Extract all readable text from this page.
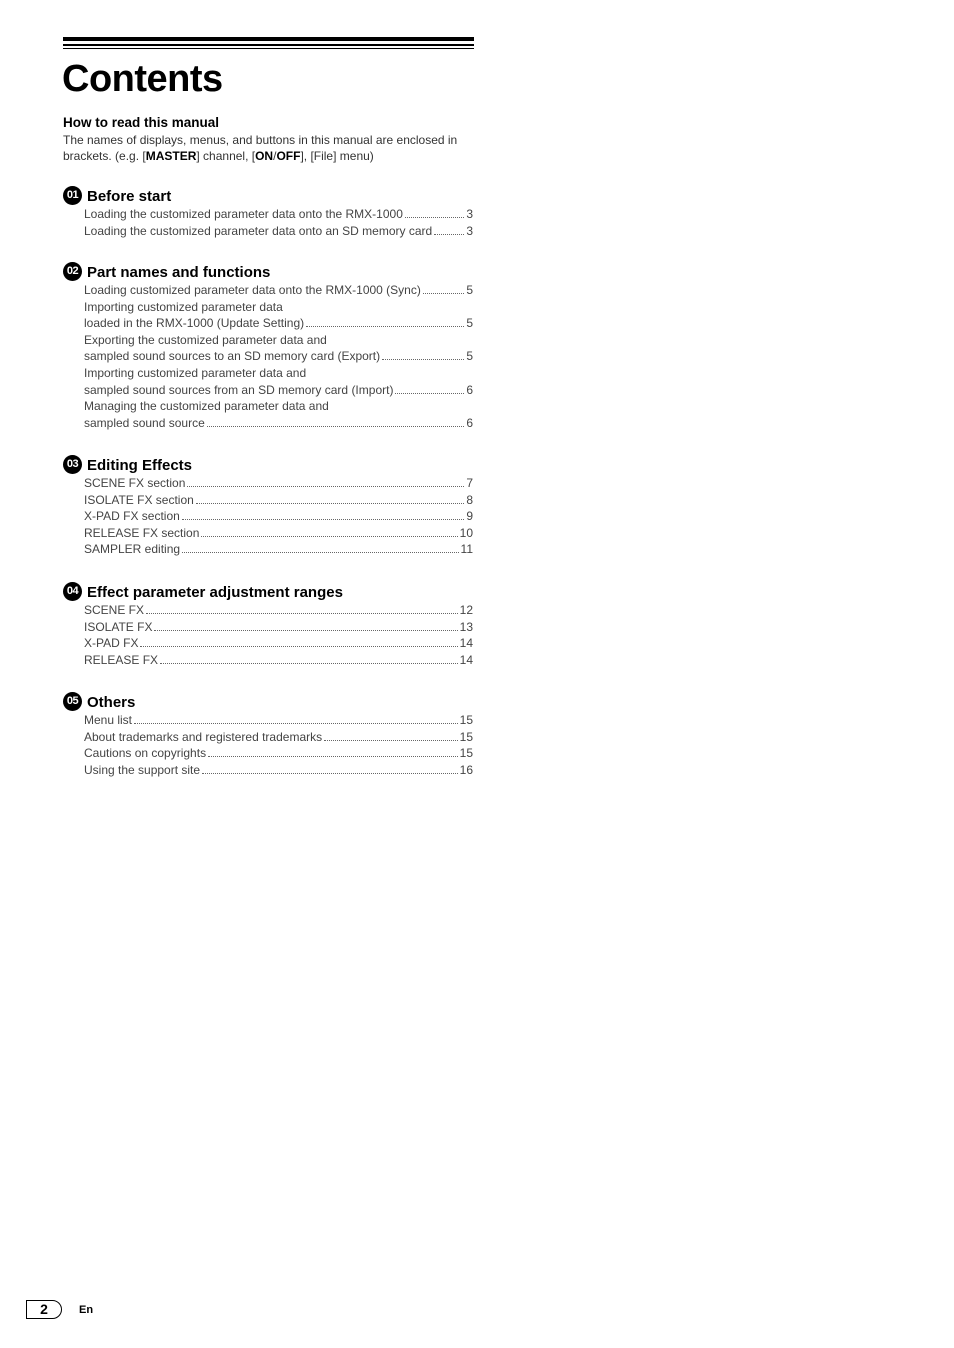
Contents

How to read this manual

The names of displays, menus, and buttons in this manual are enclosed in brackets. (e.g. [MASTER] channel, [ON/OFF], [File] menu)

01 Before start
Loading the customized parameter data onto the RMX-1000	3
Loading the customized parameter data onto an SD memory card	3
02 Part names and functions
Loading customized parameter data onto the RMX-1000 (Sync)	5
Importing customized parameter data
loaded in the RMX-1000 (Update Setting)	5
Exporting the customized parameter data and
sampled sound sources to an SD memory card (Export)	5
Importing customized parameter data and
sampled sound sources from an SD memory card (Import)	6
Managing the customized parameter data and
sampled sound source	6
03 Editing Effects
SCENE FX section	7
ISOLATE FX section	8
X-PAD FX section	9
RELEASE FX section	10
SAMPLER editing	11
04 Effect parameter adjustment ranges
SCENE FX	12
ISOLATE FX	13
X-PAD FX	14
RELEASE FX	14
05 Others
Menu list	15
About trademarks and registered trademarks	15
Cautions on copyrights	15
Using the support site	16
2	En
